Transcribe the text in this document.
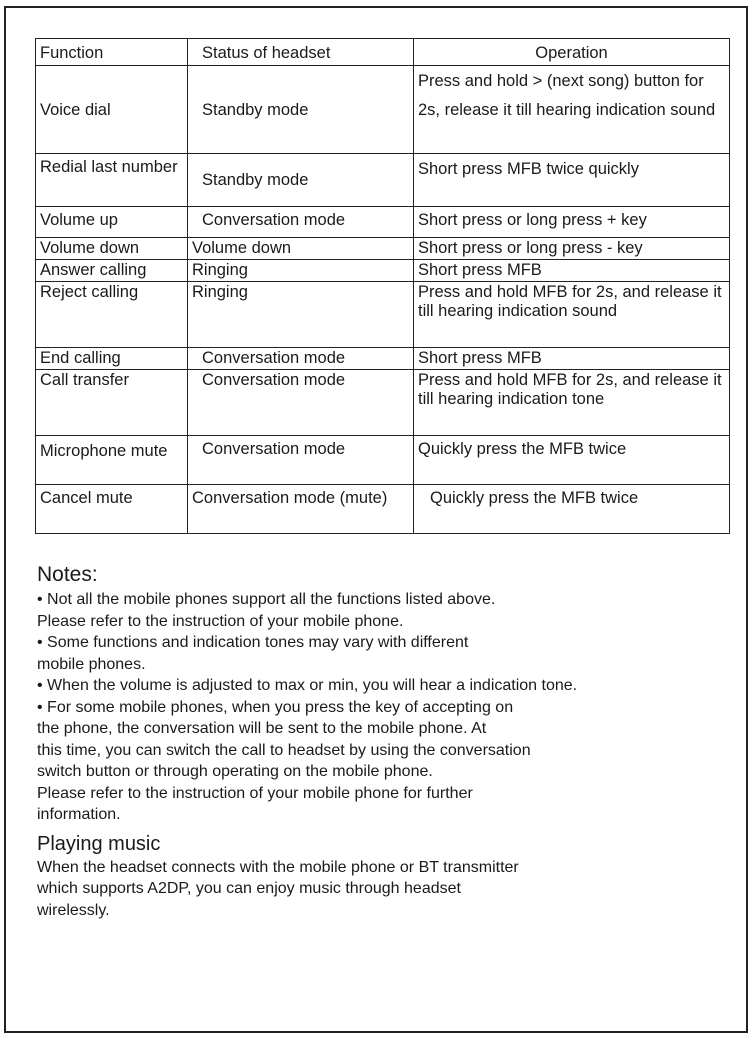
Function	Status of headset	Operation
Voice dial	Standby mode	Press and hold > (next song) button for 2s, release it till hearing indication sound
Redial last number	Standby mode	Short press MFB twice quickly
Volume up	Conversation mode	Short press or long press + key
Volume down	Volume down	Short press or long press - key
Answer calling	Ringing	Short press MFB
Reject calling	Ringing	Press and hold MFB for 2s, and release it till hearing indication sound
End calling	Conversation mode	Short press MFB
Call transfer	Conversation mode	Press and hold MFB for 2s, and release it till hearing indication tone
Microphone mute	Conversation mode	Quickly press the MFB twice
Cancel mute	Conversation mode (mute)	Quickly press the MFB twice
Notes:

• Not all the mobile phones support all the functions listed above.

Please refer to the instruction of your mobile phone.

• Some functions and indication tones may vary with different

mobile phones.

• When the volume is adjusted to max or min, you will hear a indication tone.

• For some mobile phones, when you press the key of accepting on

the phone, the conversation will be sent to the mobile phone. At

this time, you can switch the call to headset by using the conversation

switch button or through operating on the mobile phone.

Please refer to the instruction of your mobile phone for further

information.

Playing music

When the headset connects with the mobile phone or BT transmitter

which supports A2DP, you can enjoy music through headset

wirelessly.
